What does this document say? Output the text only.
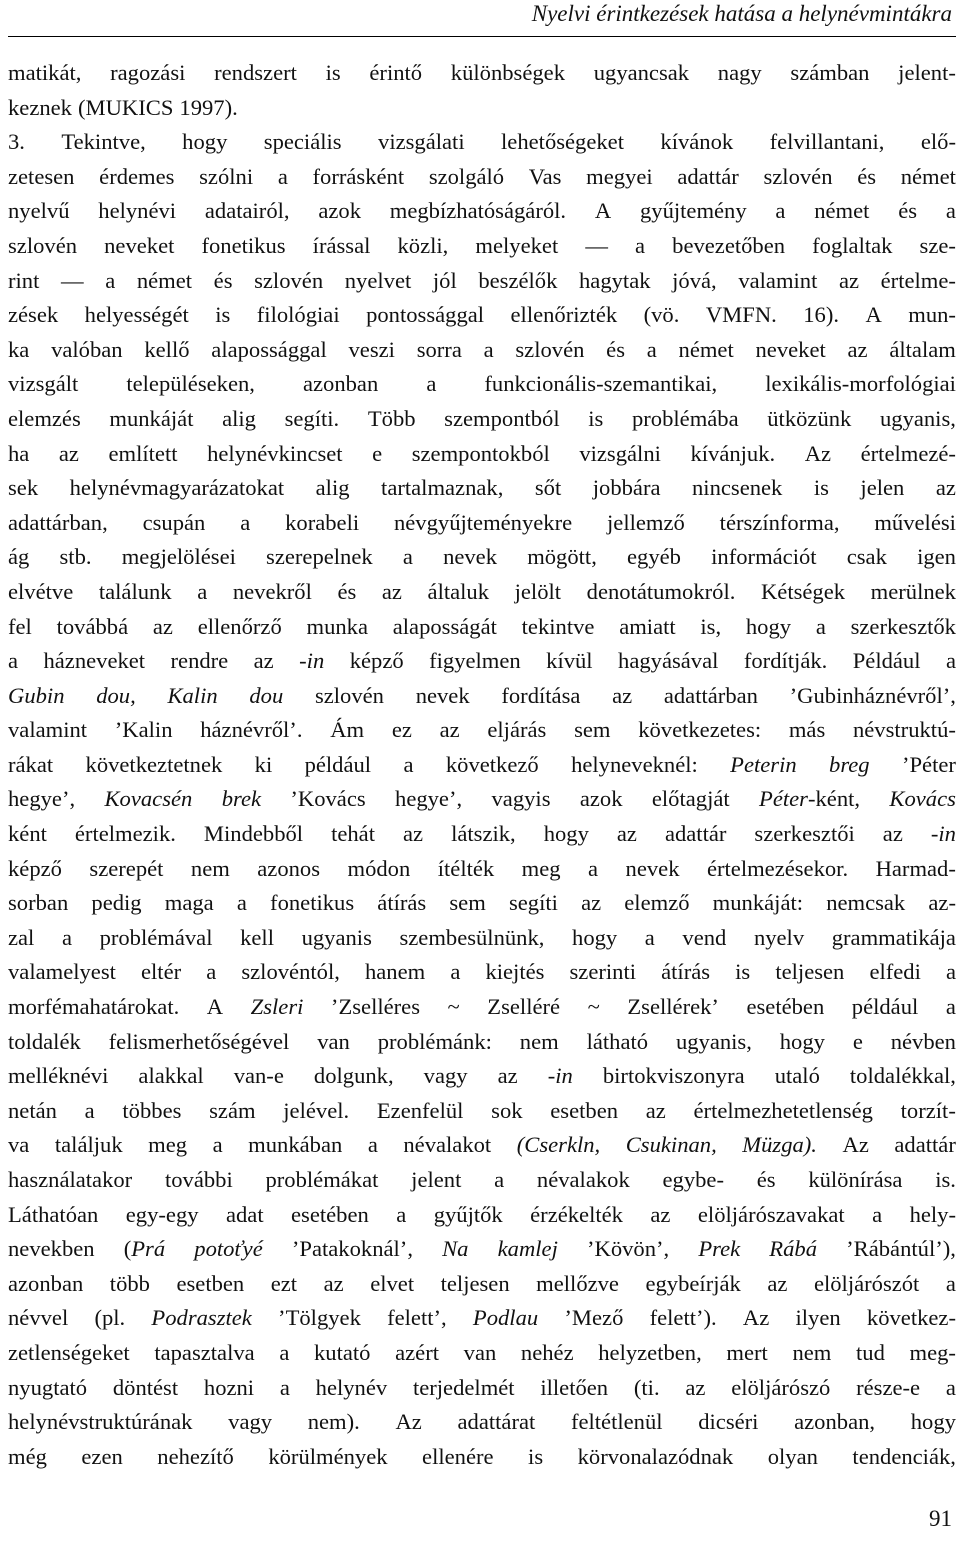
Nyelvi érintkezések hatása a helynévmintákra
matikát, ragozási rendszert is érintő különbségek ugyancsak nagy számban jelent-
keznek (MUKICS 1997).
3. Tekintve, hogy speciális vizsgálati lehetőségeket kívánok felvillantani, elő-
zetesen érdemes szólni a forrásként szolgáló Vas megyei adattár szlovén és német
nyelvű helynévi adatairól, azok megbízhatóságáról. A gyűjtemény a német és a
szlovén neveket fonetikus írással közli, melyeket — a bevezetőben foglaltak sze-
rint — a német és szlovén nyelvet jól beszélők hagytak jóvá, valamint az értelme-
zések helyességét is filológiai pontossággal ellenőrizték (vö. VMFN. 16). A mun-
ka valóban kellő alapossággal veszi sorra a szlovén és a német neveket az általam
vizsgált településeken, azonban a funkcionális-szemantikai, lexikális-morfológiai
elemzés munkáját alig segíti. Több szempontból is problémába ütközünk ugyanis,
ha az említett helynévkincset e szempontokból vizsgálni kívánjuk. Az értelmezé-
sek helynévmagyarázatokat alig tartalmaznak, sőt jobbára nincsenek is jelen az
adattárban, csupán a korabeli névgyűjteményekre jellemző térszínforma, művelési
ág stb. megjelölései szerepelnek a nevek mögött, egyéb információt csak igen
elvétve találunk a nevekről és az általuk jelölt denotátumokról. Kétségek merülnek
fel továbbá az ellenőrző munka alaposságát tekintve amiatt is, hogy a szerkesztők
a házneveket rendre az -in képző figyelmen kívül hagyásával fordítják. Például a
Gubin dou, Kalin dou szlovén nevek fordítása az adattárban ’Gubinháznévről’,
valamint ’Kalin háznévről’. Ám ez az eljárás sem következetes: más névstruktú-
rákat következtetnek ki például a következő helyneveknél: Peterin breg ’Péter
hegye’, Kovacsén brek ’Kovács hegye’, vagyis azok előtagját Péter-ként, Kovács
ként értelmezik. Mindebből tehát az látszik, hogy az adattár szerkesztői az -in
képző szerepét nem azonos módon ítélték meg a nevek értelmezésekor. Harmad-
sorban pedig maga a fonetikus átírás sem segíti az elemző munkáját: nemcsak az-
zal a problémával kell ugyanis szembesülnünk, hogy a vend nyelv grammatikája
valamelyest eltér a szlovéntól, hanem a kiejtés szerinti átírás is teljesen elfedi a
morfémahatárokat. A Zsleri ’Zselléres ~ Zselléré ~ Zsellérek’ esetében például a
toldalék felismerhetőségével van problémánk: nem látható ugyanis, hogy e névben
melléknévi alakkal van-e dolgunk, vagy az -in birtokviszonyra utaló toldalékkal,
netán a többes szám jelével. Ezenfelül sok esetben az értelmezhetetlenség torzít-
va találjuk meg a munkában a névalakot (Cserkln, Csukinan, Müzga). Az adattár
használatakor további problémákat jelent a névalakok egybe- és különírása is.
Láthatóan egy-egy adat esetében a gyűjtők érzékelték az elöljárószavakat a hely-
nevekben (Prá potoťyé ’Patakoknál’, Na kamlej ’Kövön’, Prek Rábá ’Rábántúl’),
azonban több esetben ezt az elvet teljesen mellőzve egybeírják az elöljárószót a
névvel (pl. Podrasztek ’Tölgyek felett’, Podlau ’Mező felett’). Az ilyen következ-
zetlenségeket tapasztalva a kutató azért van nehéz helyzetben, mert nem tud meg-
nyugtató döntést hozni a helynév terjedelmét illetően (ti. az elöljárószó része-e a
helynévstruktúrának vagy nem). Az adattárat feltétlenül dicséri azonban, hogy
még ezen nehezítő körülmények ellenére is körvonalazódnak olyan tendenciák,
91
